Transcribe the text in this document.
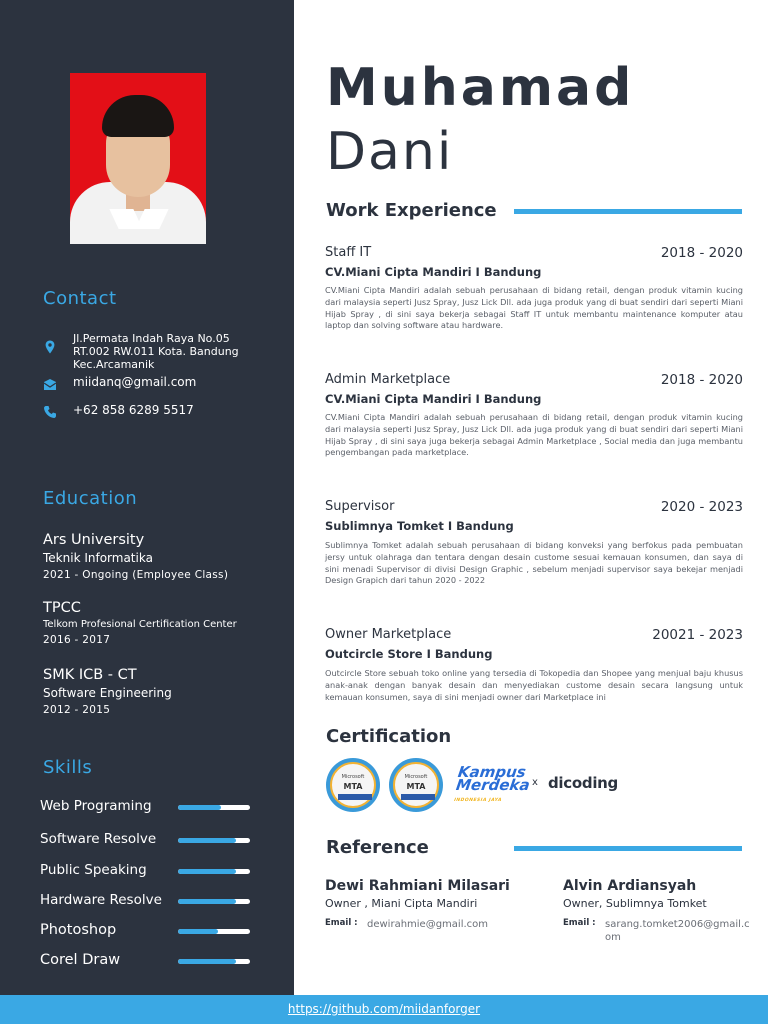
Contact
Jl.Permata Indah Raya No.05
RT.002 RW.011 Kota. Bandung
Kec.Arcamanik
miidanq@gmail.com
+62 858 6289 5517
Education
Ars University
Teknik Informatika
2021 - Ongoing (Employee Class)
TPCC
Telkom Profesional Certification Center
2016 - 2017
SMK ICB - CT
Software Engineering
2012 - 2015
Skills
Web Programing
Software Resolve
Public Speaking
Hardware Resolve
Photoshop
Corel Draw
Muhamad
Dani
Work Experience
Staff IT	2018 - 2020
CV.Miani Cipta Mandiri I Bandung
CV.Miani Cipta Mandiri adalah sebuah perusahaan di bidang retail, dengan produk vitamin kucing dari malaysia seperti Jusz Spray, Jusz Lick Dll. ada juga produk yang di buat sendiri dari seperti Miani Hijab Spray , di sini saya bekerja sebagai Staff IT untuk membantu maintenance komputer atau laptop dan solving software atau hardware.
Admin Marketplace	2018 - 2020
CV.Miani Cipta Mandiri I Bandung
CV.Miani Cipta Mandiri adalah sebuah perusahaan di bidang retail, dengan produk vitamin kucing dari malaysia seperti Jusz Spray, Jusz Lick Dll. ada juga produk yang di buat sendiri dari seperti Miani Hijab Spray , di sini saya juga bekerja sebagai Admin Marketplace , Social media dan juga membantu pengembangan pada marketplace.
Supervisor	2020 - 2023
Sublimnya Tomket I Bandung
Sublimnya Tomket adalah sebuah perusahaan di bidang konveksi yang berfokus pada pembuatan jersy untuk olahraga dan tentara dengan desain custome sesuai kemauan konsumen, dan saya di sini menadi Supervisor di divisi Design Graphic , sebelum menjadi supervisor saya bekejar menjadi Design Grapich dari tahun 2020 - 2022
Owner Marketplace	20021 - 2023
Outcircle Store I Bandung
Outcircle Store sebuah toko online yang tersedia di Tokopedia dan Shopee yang menjual baju khusus anak-anak dengan banyak desain dan menyediakan custome desain secara langsung untuk kemauan konsumen, saya di sini menjadi owner dari Marketplace ini
Certification
Microsoft
MTA
Microsoft
MTA
Kampus
Merdeka
INDONESIA JAYA
x dicoding
Reference
Dewi Rahmiani Milasari
Owner , Miani Cipta Mandiri
Email : dewirahmie@gmail.com
Alvin Ardiansyah
Owner, Sublimnya Tomket
Email : sarang.tomket2006@gmail.com
https://github.com/miidanforger
